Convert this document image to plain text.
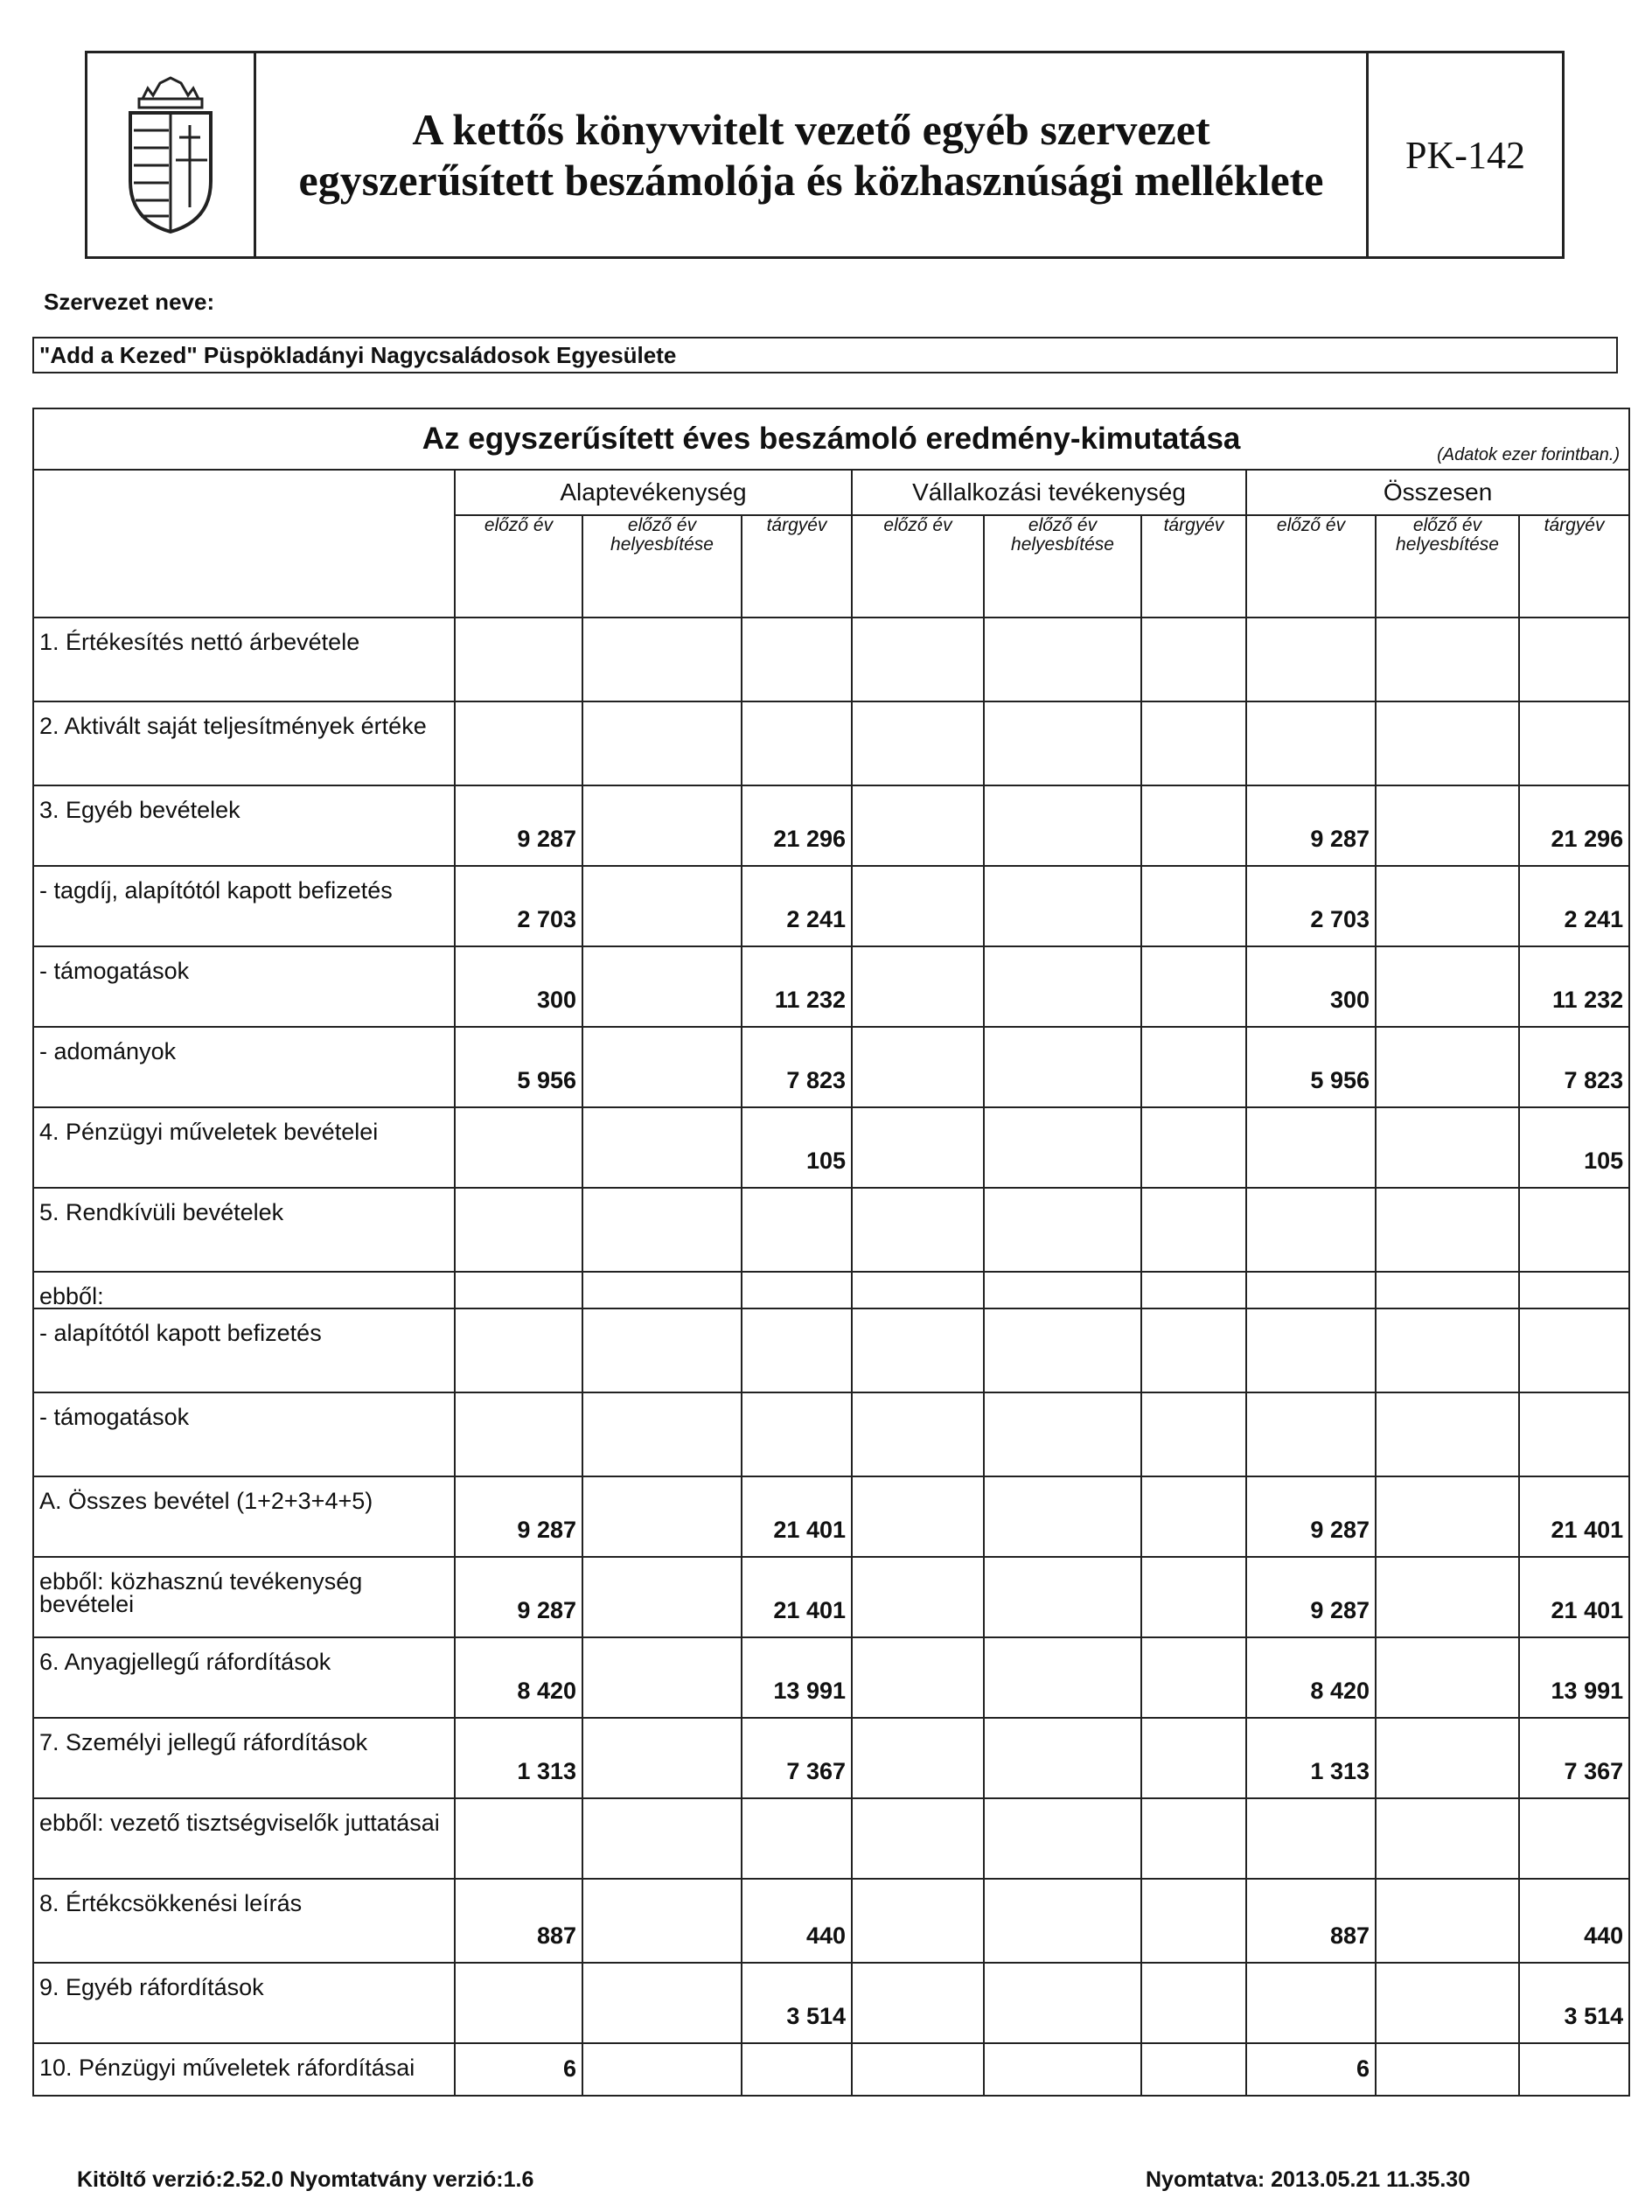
A kettős könyvvitelt vezető egyéb szervezet
egyszerűsített beszámolója és közhasznúsági melléklete
PK-142
Szervezet neve:
"Add a Kezed" Püspökladányi Nagycsaládosok Egyesülete
Az egyszerűsített éves beszámoló eredmény-kimutatása (Adatok ezer forintban.)									

	Alaptevékenység			Vállalkozási tevékenység			Összesen		
	előző év	előző év helyesbítése	tárgyév	előző év	előző év helyesbítése	tárgyév	előző év	előző év helyesbítése	tárgyév
1. Értékesítés nettó árbevétele									
2. Aktivált saját teljesítmények értéke									
3. Egyéb bevételek	9 287		21 296				9 287		21 296
- tagdíj, alapítótól kapott befizetés	2 703		2 241				2 703		2 241
- támogatások	300		11 232				300		11 232
- adományok	5 956		7 823				5 956		7 823
4. Pénzügyi műveletek bevételei			105						105
5. Rendkívüli bevételek									
ebből:									
- alapítótól kapott befizetés									
- támogatások									
A. Összes bevétel (1+2+3+4+5)	9 287		21 401				9 287		21 401
ebből: közhasznú tevékenység bevételei	9 287		21 401				9 287		21 401
6. Anyagjellegű ráfordítások	8 420		13 991				8 420		13 991
7. Személyi jellegű ráfordítások	1 313		7 367				1 313		7 367
ebből: vezető tisztségviselők juttatásai									
8. Értékcsökkenési leírás	887		440				887		440
9. Egyéb ráfordítások			3 514						3 514
10. Pénzügyi műveletek ráfordításai	6						6		
Kitöltő verzió:2.52.0 Nyomtatvány verzió:1.6	Nyomtatva: 2013.05.21 11.35.30
